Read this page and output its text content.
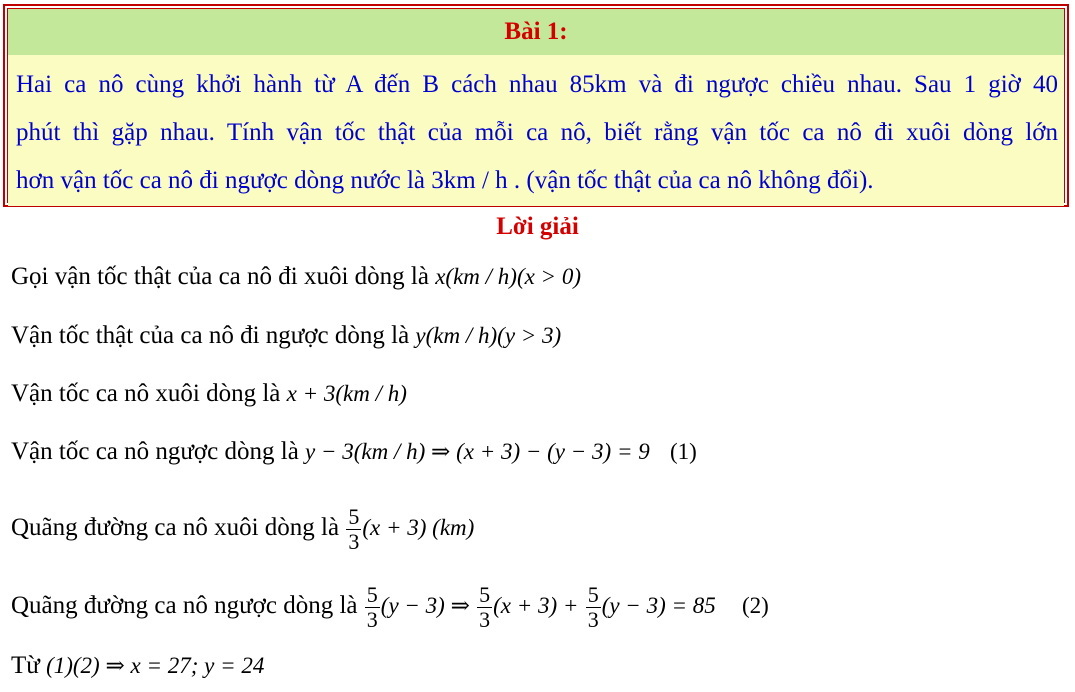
Bài 1:
Hai ca nô cùng khởi hành từ A đến B cách nhau 85km và đi ngược chiều nhau. Sau 1 giờ 40
phút thì gặp nhau. Tính vận tốc thật của mỗi ca nô, biết rằng vận tốc ca nô đi xuôi dòng lớn
hơn vận tốc ca nô đi ngược dòng nước là 3km / h . (vận tốc thật của ca nô không đổi).
Lời giải
Gọi vận tốc thật của ca nô đi xuôi dòng là x(km / h)(x > 0)
Vận tốc thật của ca nô đi ngược dòng là y(km / h)(y > 3)
Vận tốc ca nô xuôi dòng là x + 3(km / h)
Vận tốc ca nô ngược dòng là y − 3(km / h) ⇒ (x + 3) − (y − 3) = 9 (1)
Quãng đường ca nô xuôi dòng là $\frac{5}{3} (x + 3)$ (km)
Quãng đường ca nô ngược dòng là $\frac{5}{3} (y - 3)$ ⇒ $\frac{5}{3} (x + 3) + \frac{5}{3} (y - 3) = 85$ (2)
Từ (1)(2) ⇒ x = 27; y = 24
